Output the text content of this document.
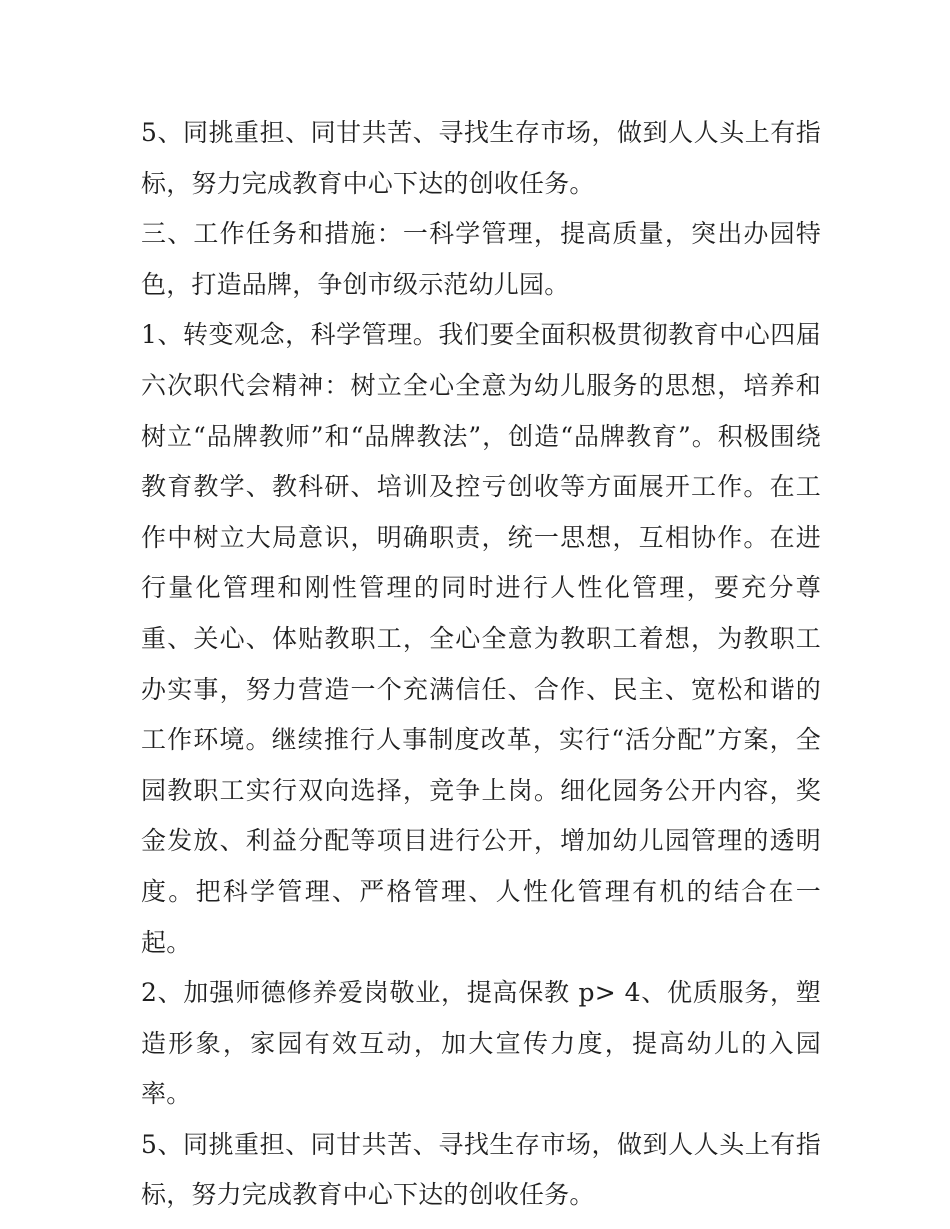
5、同挑重担、同甘共苦、寻找生存市场，做到人人头上有指标，努力完成教育中心下达的创收任务。

三、工作任务和措施：一科学管理，提高质量，突出办园特色，打造品牌，争创市级示范幼儿园。

1、转变观念，科学管理。我们要全面积极贯彻教育中心四届六次职代会精神：树立全心全意为幼儿服务的思想，培养和树立“品牌教师”和“品牌教法”，创造“品牌教育”。积极围绕教育教学、教科研、培训及控亏创收等方面展开工作。在工作中树立大局意识，明确职责，统一思想，互相协作。在进行量化管理和刚性管理的同时进行人性化管理，要充分尊重、关心、体贴教职工，全心全意为教职工着想，为教职工办实事，努力营造一个充满信任、合作、民主、宽松和谐的工作环境。继续推行人事制度改革，实行“活分配”方案，全园教职工实行双向选择，竞争上岗。细化园务公开内容，奖金发放、利益分配等项目进行公开，增加幼儿园管理的透明度。把科学管理、严格管理、人性化管理有机的结合在一起。

2、加强师德修养爱岗敬业，提高保教 p> 4、优质服务，塑造形象，家园有效互动，加大宣传力度，提高幼儿的入园率。

5、同挑重担、同甘共苦、寻找生存市场，做到人人头上有指标，努力完成教育中心下达的创收任务。
